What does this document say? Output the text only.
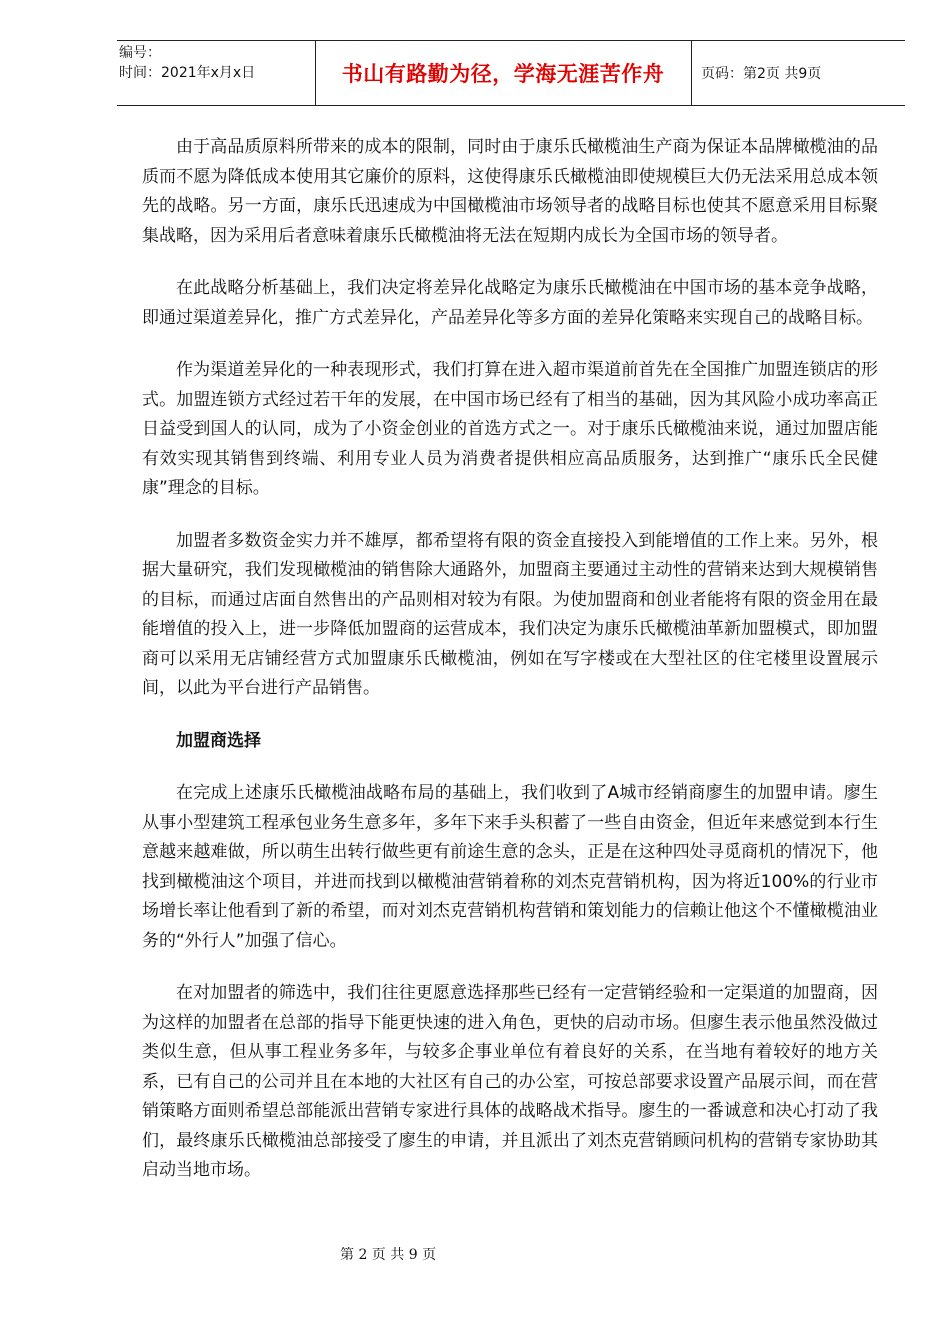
编号：
时间：2021年x月x日	书山有路勤为径，学海无涯苦作舟	页码：第2页 共9页

由于高品质原料所带来的成本的限制，同时由于康乐氏橄榄油生产商为保证本品牌橄榄油的品质而不愿为降低成本使用其它廉价的原料，这使得康乐氏橄榄油即使规模巨大仍无法采用总成本领先的战略。另一方面，康乐氏迅速成为中国橄榄油市场领导者的战略目标也使其不愿意采用目标聚集战略，因为采用后者意味着康乐氏橄榄油将无法在短期内成长为全国市场的领导者。

在此战略分析基础上，我们决定将差异化战略定为康乐氏橄榄油在中国市场的基本竞争战略，即通过渠道差异化，推广方式差异化，产品差异化等多方面的差异化策略来实现自己的战略目标。

作为渠道差异化的一种表现形式，我们打算在进入超市渠道前首先在全国推广加盟连锁店的形式。加盟连锁方式经过若干年的发展，在中国市场已经有了相当的基础，因为其风险小成功率高正日益受到国人的认同，成为了小资金创业的首选方式之一。对于康乐氏橄榄油来说，通过加盟店能有效实现其销售到终端、利用专业人员为消费者提供相应高品质服务，达到推广“康乐氏全民健康”理念的目标。

加盟者多数资金实力并不雄厚，都希望将有限的资金直接投入到能增值的工作上来。另外，根据大量研究，我们发现橄榄油的销售除大通路外，加盟商主要通过主动性的营销来达到大规模销售的目标，而通过店面自然售出的产品则相对较为有限。为使加盟商和创业者能将有限的资金用在最能增值的投入上，进一步降低加盟商的运营成本，我们决定为康乐氏橄榄油革新加盟模式，即加盟商可以采用无店铺经营方式加盟康乐氏橄榄油，例如在写字楼或在大型社区的住宅楼里设置展示间，以此为平台进行产品销售。

加盟商选择

在完成上述康乐氏橄榄油战略布局的基础上，我们收到了A城市经销商廖生的加盟申请。廖生从事小型建筑工程承包业务生意多年，多年下来手头积蓄了一些自由资金，但近年来感觉到本行生意越来越难做，所以萌生出转行做些更有前途生意的念头，正是在这种四处寻觅商机的情况下，他找到橄榄油这个项目，并进而找到以橄榄油营销着称的刘杰克营销机构，因为将近100%的行业市场增长率让他看到了新的希望，而对刘杰克营销机构营销和策划能力的信赖让他这个不懂橄榄油业务的“外行人”加强了信心。

在对加盟者的筛选中，我们往往更愿意选择那些已经有一定营销经验和一定渠道的加盟商，因为这样的加盟者在总部的指导下能更快速的进入角色，更快的启动市场。但廖生表示他虽然没做过类似生意，但从事工程业务多年，与较多企事业单位有着良好的关系，在当地有着较好的地方关系，已有自己的公司并且在本地的大社区有自己的办公室，可按总部要求设置产品展示间，而在营销策略方面则希望总部能派出营销专家进行具体的战略战术指导。廖生的一番诚意和决心打动了我们，最终康乐氏橄榄油总部接受了廖生的申请，并且派出了刘杰克营销顾问机构的营销专家协助其启动当地市场。

第 2 页 共 9 页
